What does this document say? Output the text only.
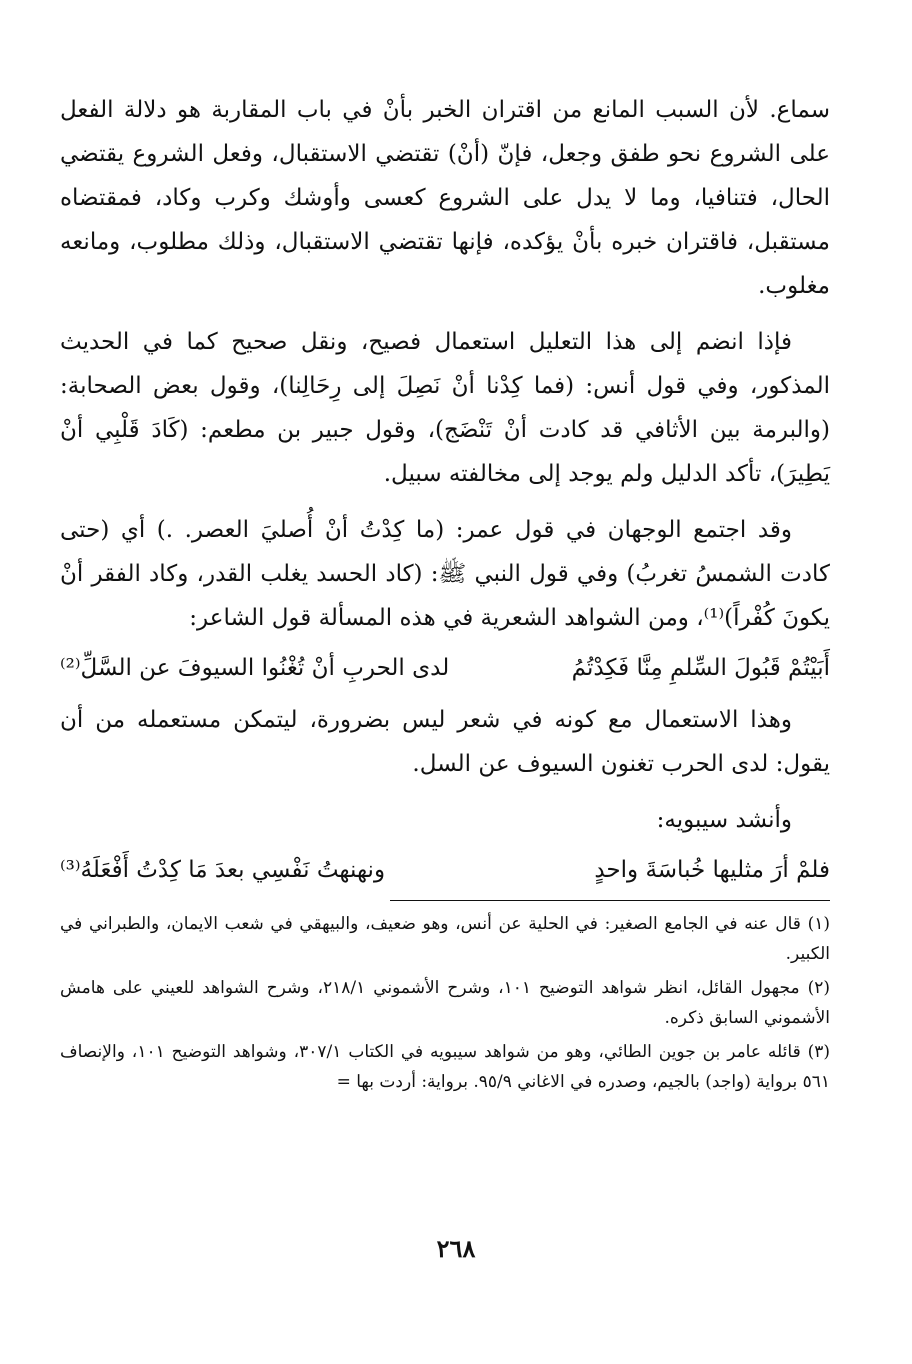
سماع. لأن السبب المانع من اقتران الخبر بأنْ في باب المقاربة هو دلالة الفعل على الشروع نحو طفق وجعل، فإنّ (أنْ) تقتضي الاستقبال، وفعل الشروع يقتضي الحال، فتنافيا، وما لا يدل على الشروع كعسى وأوشك وكرب وكاد، فمقتضاه مستقبل، فاقتران خبره بأنْ يؤكده، فإنها تقتضي الاستقبال، وذلك مطلوب، ومانعه مغلوب.

فإذا انضم إلى هذا التعليل استعمال فصيح، ونقل صحيح كما في الحديث المذكور، وفي قول أنس: (فما كِدْنا أنْ نَصِلَ إلى رِحَالِنا)، وقول بعض الصحابة: (والبرمة بين الأثافي قد كادت أنْ تَنْضَج)، وقول جبير بن مطعم: (كَادَ قَلْبِي أنْ يَطِيرَ)، تأكد الدليل ولم يوجد إلى مخالفته سبيل.

وقد اجتمع الوجهان في قول عمر: (ما كِدْتُ أنْ أُصليَ العصر. .) أي (حتى كادت الشمسُ تغربُ) وفي قول النبي ﷺ: (كاد الحسد يغلب القدر، وكاد الفقر أنْ يكونَ كُفْراً)⁽¹⁾، ومن الشواهد الشعرية في هذه المسألة قول الشاعر:

أَبَيْتُمْ قَبُولَ السِّلمِ مِنَّا فَكِدْتُمُ
لدى الحربِ أنْ تُغْنُوا السيوفَ عن السَّلِّ⁽²⁾

وهذا الاستعمال مع كونه في شعر ليس بضرورة، ليتمكن مستعمله من أن يقول: لدى الحرب تغنون السيوف عن السل.

وأنشد سيبويه:

فلمْ أرَ مثليها خُباسَةَ واحدٍ
ونهنهتُ نَفْسِي بعدَ مَا كِدْتُ أَفْعَلَهُ⁽³⁾

(١) قال عنه في الجامع الصغير: في الحلية عن أنس، وهو ضعيف، والبيهقي في شعب الايمان، والطبراني في الكبير.

(٢) مجهول القائل، انظر شواهد التوضيح ١٠١، وشرح الأشموني ٢١٨/١، وشرح الشواهد للعيني على هامش الأشموني السابق ذكره.

(٣) قائله عامر بن جوين الطائي، وهو من شواهد سيبويه في الكتاب ٣٠٧/١، وشواهد التوضيح ١٠١، والإنصاف ٥٦١ برواية (واجد) بالجيم، وصدره في الاغاني ٩٥/٩. برواية: أردت بها =

٢٦٨
